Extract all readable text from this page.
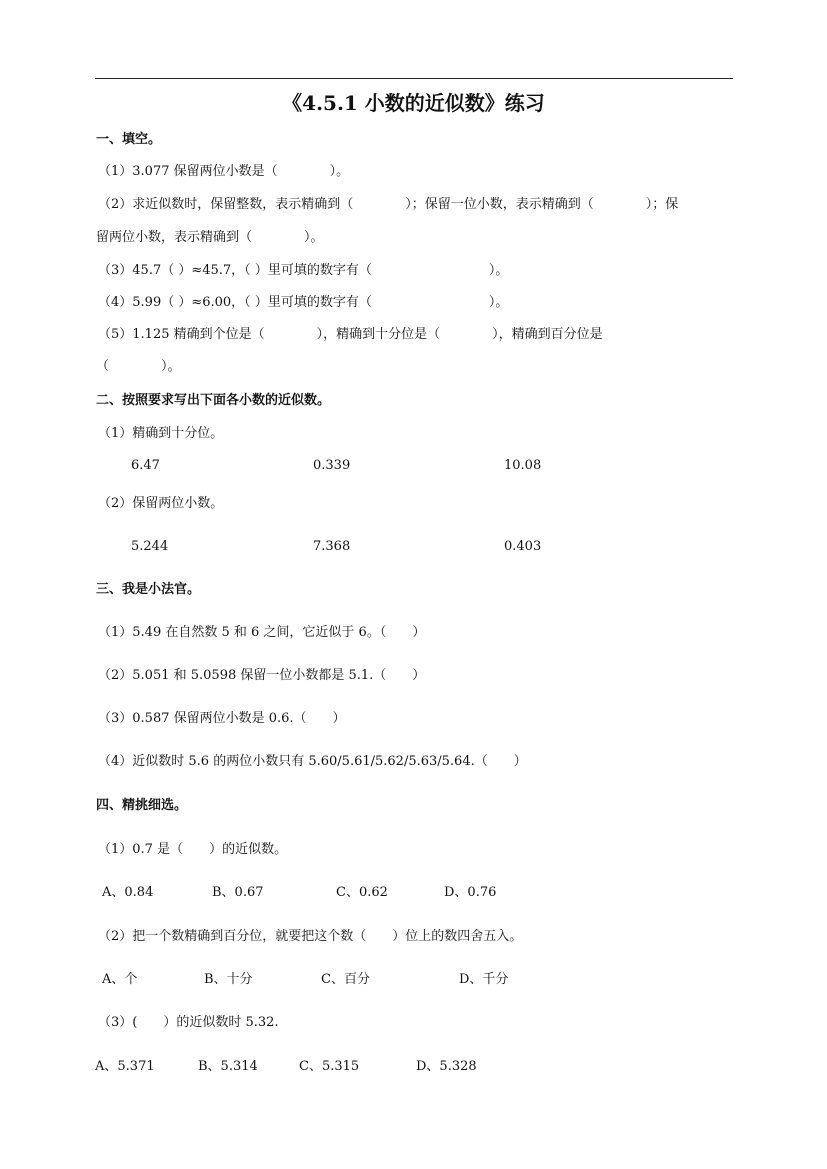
《4.5.1 小数的近似数》练习
一、填空。
（1）3.077 保留两位小数是（　　　　）。
（2）求近似数时，保留整数，表示精确到（　　　　）；保留一位小数，表示精确到（　　　　）；保
留两位小数，表示精确到（　　　　）。
（3）45.7（ ）≈45.7，（ ）里可填的数字有（　　　　　　　　　）。
（4）5.99（ ）≈6.00，（ ）里可填的数字有（　　　　　　　　　）。
（5）1.125 精确到个位是（　　　　），精确到十分位是（　　　　），精确到百分位是
（　　　　）。
二、按照要求写出下面各小数的近似数。
（1）精确到十分位。
6.47	0.339	10.08
（2）保留两位小数。
5.244	7.368	0.403
三、我是小法官。
（1）5.49 在自然数 5 和 6 之间，它近似于 6。（　　）
（2）5.051 和 5.0598 保留一位小数都是 5.1.（　　）
（3）0.587 保留两位小数是 0.6.（　　）
（4）近似数时 5.6 的两位小数只有 5.60/5.61/5.62/5.63/5.64.（　　）
四、精挑细选。
（1）0.7 是（　　）的近似数。
A、0.84	B、0.67	C、0.62	D、0.76
（2）把一个数精确到百分位，就要把这个数（　　）位上的数四舍五入。
A、个	B、十分	C、百分	D、千分
（3）(　　）的近似数时 5.32.
A、5.371	B、5.314	C、5.315	D、5.328
